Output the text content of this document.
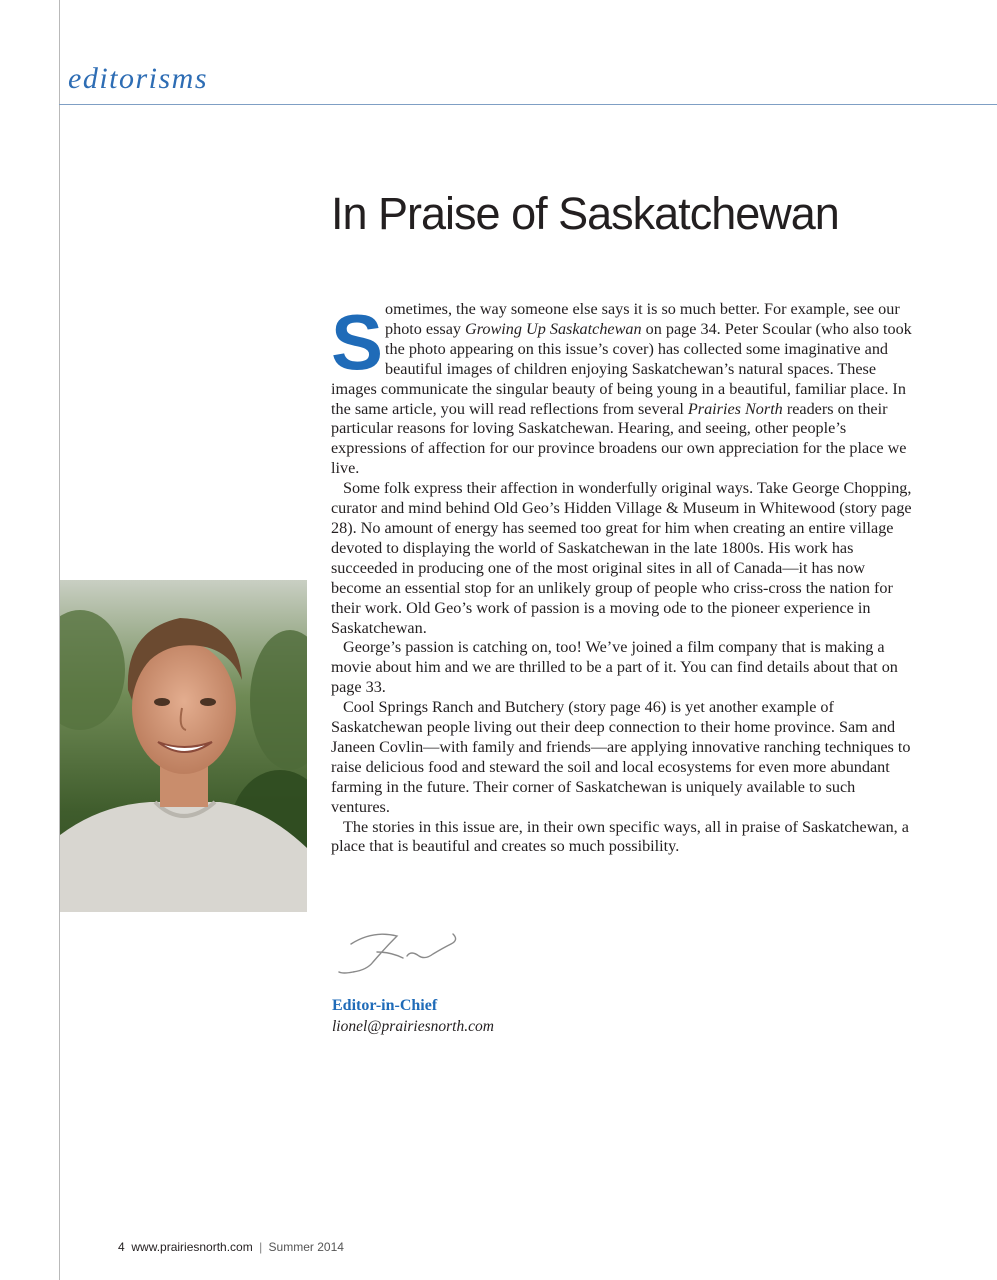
editorisms
In Praise of Saskatchewan

Sometimes, the way someone else says it is so much better. For example, see our photo essay Growing Up Saskatchewan on page 34. Peter Scoular (who also took the photo appearing on this issue’s cover) has collected some imaginative and beautiful images of children enjoying Saskatchewan’s natural spaces. These images communicate the singular beauty of being young in a beautiful, familiar place. In the same article, you will read reflections from several Prairies North readers on their particular reasons for loving Saskatchewan. Hearing, and seeing, other people’s expressions of affection for our province broadens our own appreciation for the place we live.

Some folk express their affection in wonderfully original ways. Take George Chopping, curator and mind behind Old Geo’s Hidden Village & Museum in Whitewood (story page 28). No amount of energy has seemed too great for him when creating an entire village devoted to displaying the world of Saskatchewan in the late 1800s. His work has succeeded in producing one of the most original sites in all of Canada—it has now become an essential stop for an unlikely group of people who criss-cross the nation for their work. Old Geo’s work of passion is a moving ode to the pioneer experience in Saskatchewan.

George’s passion is catching on, too! We’ve joined a film company that is making a movie about him and we are thrilled to be a part of it. You can find details about that on page 33.

Cool Springs Ranch and Butchery (story page 46) is yet another example of Saskatchewan people living out their deep connection to their home province. Sam and Janeen Covlin—with family and friends—are applying innovative ranching techniques to raise delicious food and steward the soil and local ecosystems for even more abundant farming in the future. Their corner of Saskatchewan is uniquely available to such ventures.

The stories in this issue are, in their own specific ways, all in praise of Saskatchewan, a place that is beautiful and creates so much possibility.

Editor-in-Chief
lionel@prairiesnorth.com
4 www.prairiesnorth.com | Summer 2014
